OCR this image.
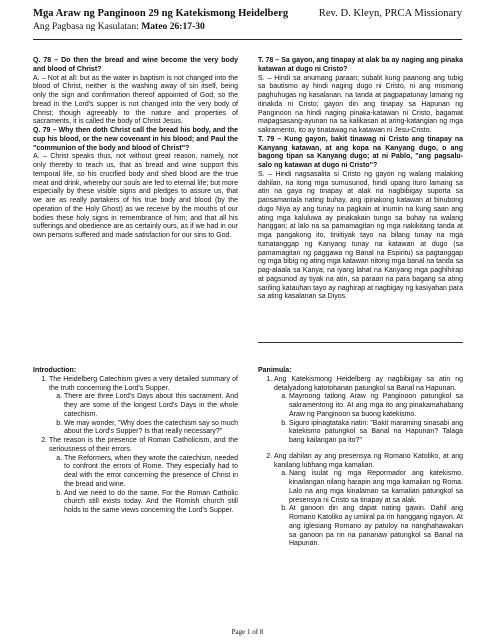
Mga Araw ng Panginoon 29 ng Katekismong Heidelberg	Rev. D. Kleyn, PRCA Missionary
Ang Pagbasa ng Kasulatan: Mateo 26:17-30

Q. 78 – Do then the bread and wine become the very body and blood of Christ?

A. – Not at all: but as the water in baptism is not changed into the blood of Christ, neither is the washing away of sin itself, being only the sign and confirmation thereof appointed of God; so the bread in the Lord's supper is not changed into the very body of Christ; though agreeably to the nature and properties of sacraments, it is called the body of Christ Jesus.

Q. 79 – Why then doth Christ call the bread his body, and the cup his blood, or the new covenant in his blood; and Paul the "communion of the body and blood of Christ"?

A. – Christ speaks thus, not without great reason, namely, not only thereby to teach us, that as bread and wine support this temporal life, so his crucified body and shed blood are the true meat and drink, whereby our souls are fed to eternal life; but more especially by these visible signs and pledges to assure us, that we are as really partakers of his true body and blood (by the operation of the Holy Ghost) as we receive by the mouths of our bodies these holy signs in remembrance of him; and that all his sufferings and obedience are as certainly ours, as if we had in our own persons suffered and made satisfaction for our sins to God.

T. 78 – Sa gayon, ang tinapay at alak ba ay naging ang pinaka katawan at dugo ni Cristo?

S. – Hindi sa anumang paraan; subalit kung paanong ang tubig sa bautismo ay hindi naging dugo ni Cristo, ni ang mismong paghuhugas ng kasalanan, na tanda at pagpapatunay lamang ng itinakda ni Cristo; gayon din ang tinapay sa Hapunan ng Panginoon na hindi naging pinaka-katawan ni Cristo, bagamat mapagsasang-ayunan na sa kalikasan at aring-katangian ng mga sakramento, ito ay tinatawag na katawan ni Jesu-Cristo.

T. 79 – Kung gayon, bakit tinawag ni Cristo ang tinapay na Kanyang katawan, at ang kopa na Kanyang dugo, o ang bagong tipan sa Kanyang dugo; at ni Pablo, "ang pagsalu-salo ng katawan at dugo ni Cristo"?

S. – Hindi nagsasalita si Cristo ng gayon ng walang malaking dahilan, na itong mga sumusunod, hindi upang ituro lamang sa atin na gaya ng tinapay at alak na nagbibigay suporta sa pansamantala nating buhay, ang ipinakong katawan at binubong dugo Niya ay ang tunay na pagkain at inumin na kung saan ang ating mga kaluluwa ay pinakakain tungo sa buhay na walang hanggan; at lalo na sa pamamagitan ng mga nakikitang tanda at mga pangakong ito, tiniitiyak tayo na bilang tunay na mga tumatanggap ng Kanyang tunay na katawan at dugo (sa pamamagitan ng paggawa ng Banal na Espiritu) sa pagtanggap ng mga bibig ng ating mga katawan nitong mga banal na tanda sa pag-alaala sa Kanya; na iyang lahat na Kanyang mga paghihirap at pagsunod ay tiyak na atin, sa paraan na para bagang sa ating sariling katauhan tayo ay naghirap at nagbigay ng kasiyahan para sa ating kasalanan sa Diyos.

Introduction:

1. The Heidelberg Catechism gives a very detailed summary of the truth concerning the Lord's Supper.
a. There are three Lord's Days about this sacrament. And they are some of the longest Lord's Days in the whole catechism.
b. We may wonder, "Why does the catechism say so much about the Lord's Supper? Is that really necessary?"
2. The reason is the presence of Roman Catholicism, and the seriousness of their errors.
a. The Reformers, when they wrote the catechism, needed to confront the errors of Rome. They especially had to deal with the error concerning the presence of Christ in the bread and wine.
b. And we need to do the same. For the Roman Catholic church still exists today. And the Romish church still holds to the same views concerning the Lord's Supper.

Panimula:

1. Ang Katekismong Heidelberg ay nagbibigay sa atin ng detalyadong katotohanan patungkol sa Banal na Hapunan.
a. Mayroong tatlong Araw ng Panginoon patungkol sa sakramentong ito. At ang mga ito ang pinakamahabang Araw ng Panginoon sa buong katekismo.
b. Siguro ipinagtataka natin: "Bakit maraming sinasabi ang katekismo patungkol sa Banal na Hapunan? Talaga bang kailangan pa ito?"
2. Ang dahilan ay ang presensya ng Romano Katoliko, at ang kanilang lubhang mga kamalian.
a. Nang isulat ng mga Repormador ang katekismo, kinailangan nilang harapin ang mga kamalian ng Roma. Lalo na ang mga kinalaman sa kamalian patungkol sa presensya ni Cristo sa tinapay at sa alak.
b. At ganoon din ang dapat nating gawin. Dahil ang Romano Katoliko ay umiiral pa rin hanggang ngayon. At ang iglesiang Romano ay patuloy na nanghahawakan sa ganoon pa rin na pananaw patungkol sa Banal na Hapunan.
Page 1 of 8
